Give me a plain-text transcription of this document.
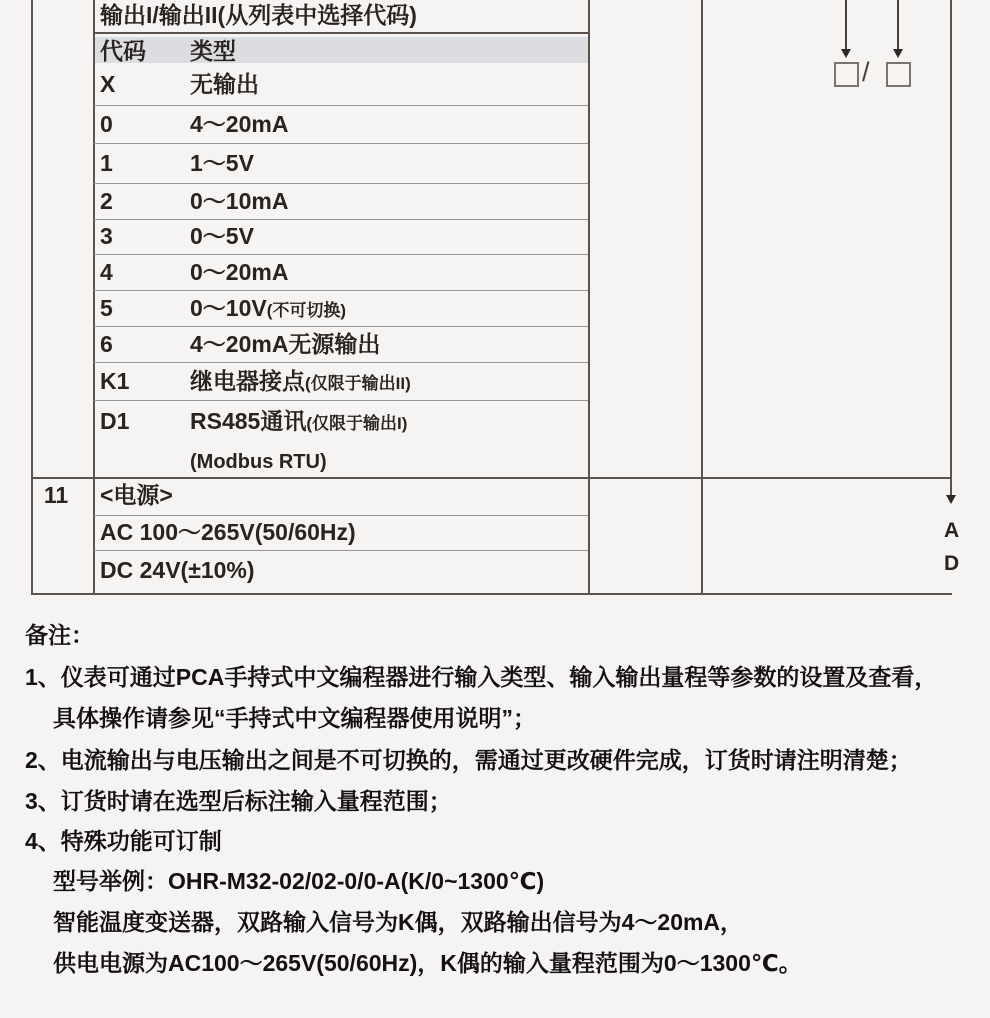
输出I/输出II(从列表中选择代码)
代码 类型
X	无输出
0	4～20mA
1	1～5V
2	0～10mA
3	0～5V
4	0～20mA
5	0～10V(不可切换)
6	4～20mA无源输出
K1	继电器接点(仅限于输出II)
D1	RS485通讯(仅限于输出I)
(Modbus RTU)
/
11	<电源>
AC 100～265V(50/60Hz)
DC 24V(±10%)
A
D
备注：
1、仪表可通过PCA手持式中文编程器进行输入类型、输入输出量程等参数的设置及查看，
具体操作请参见“手持式中文编程器使用说明”；
2、电流输出与电压输出之间是不可切换的，需通过更改硬件完成，订货时请注明清楚；
3、订货时请在选型后标注输入量程范围；
4、特殊功能可订制
型号举例：OHR-M32-02/02-0/0-A(K/0~1300℃)
智能温度变送器，双路输入信号为K偶，双路输出信号为4～20mA，
供电电源为AC100～265V(50/60Hz)，K偶的输入量程范围为0～1300℃。
